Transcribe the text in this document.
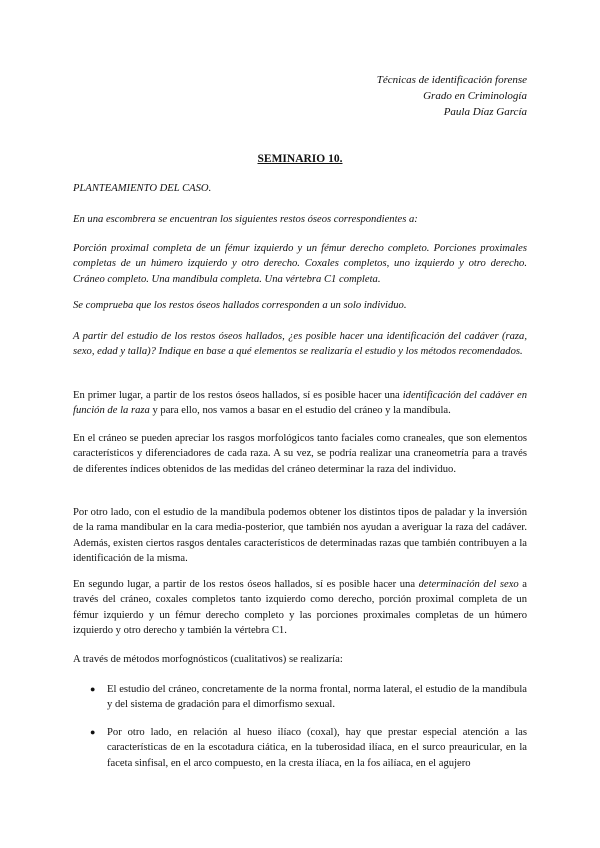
Técnicas de identificación forense
Grado en Criminología
Paula Díaz García
SEMINARIO 10.

PLANTEAMIENTO DEL CASO.

En una escombrera se encuentran los siguientes restos óseos correspondientes a:

Porción proximal completa de un fémur izquierdo y un fémur derecho completo. Porciones proximales completas de un húmero izquierdo y otro derecho. Coxales completos, uno izquierdo y otro derecho. Cráneo completo. Una mandíbula completa. Una vértebra C1 completa.

Se comprueba que los restos óseos hallados corresponden a un solo individuo.

A partir del estudio de los restos óseos hallados, ¿es posible hacer una identificación del cadáver (raza, sexo, edad y talla)? Indique en base a qué elementos se realizaría el estudio y los métodos recomendados.

En primer lugar, a partir de los restos óseos hallados, sí es posible hacer una identificación del cadáver en función de la raza y para ello, nos vamos a basar en el estudio del cráneo y la mandíbula.

En el cráneo se pueden apreciar los rasgos morfológicos tanto faciales como craneales, que son elementos característicos y diferenciadores de cada raza. A su vez, se podría realizar una craneometría para a través de diferentes índices obtenidos de las medidas del cráneo determinar la raza del individuo.

Por otro lado, con el estudio de la mandíbula podemos obtener los distintos tipos de paladar y la inversión de la rama mandibular en la cara media-posterior, que también nos ayudan a averiguar la raza del cadáver. Además, existen ciertos rasgos dentales característicos de determinadas razas que también contribuyen a la identificación de la misma.

En segundo lugar, a partir de los restos óseos hallados, sí es posible hacer una determinación del sexo a través del cráneo, coxales completos tanto izquierdo como derecho, porción proximal completa de un fémur izquierdo y un fémur derecho completo y las porciones proximales completas de un húmero izquierdo y otro derecho y también la vértebra C1.

A través de métodos morfognósticos (cualitativos) se realizaría:

● El estudio del cráneo, concretamente de la norma frontal, norma lateral, el estudio de la mandíbula y del sistema de gradación para el dimorfismo sexual.

● Por otro lado, en relación al hueso ilíaco (coxal), hay que prestar especial atención a las características de en la escotadura ciática, en la tuberosidad ilíaca, en el surco preauricular, en la faceta sinfisal, en el arco compuesto, en la cresta ilíaca, en la fos ailíaca, en el agujero
